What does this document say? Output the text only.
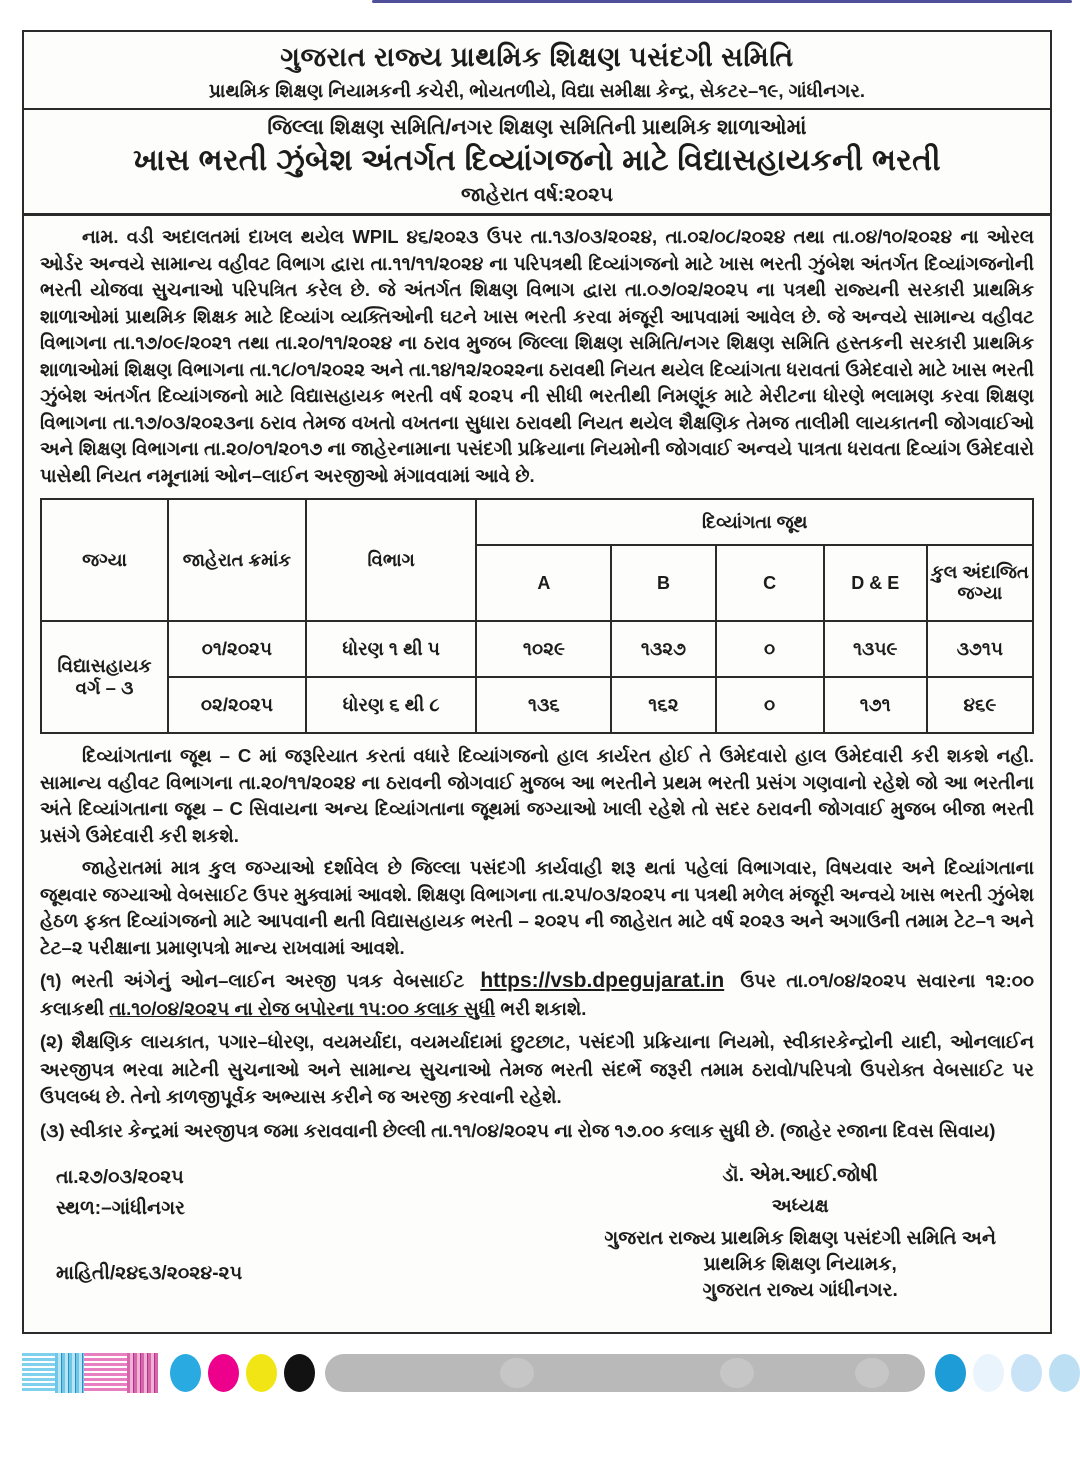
ગુજરાત રાજ્ય પ્રાથમિક શિક્ષણ પસંદગી સમિતિ
પ્રાથમિક શિક્ષણ નિયામકની કચેરી, ભોયતળીયે, વિદ્યા સમીક્ષા કેન્દ્ર, સેકટર–૧૯, ગાંધીનગર.
જિલ્લા શિક્ષણ સમિતિ/નગર શિક્ષણ સમિતિની પ્રાથમિક શાળાઓમાં
ખાસ ભરતી ઝુંબેશ અંતર્ગત દિવ્યાંગજનો માટે વિદ્યાસહાયકની ભરતી
જાહેરાત વર્ષ:૨૦૨૫

નામ. વડી અદાલતમાં દાખલ થયેલ WPIL ૪૬/૨૦૨૩ ઉપર તા.૧૩/૦૩/૨૦૨૪, તા.૦૨/૦૮/૨૦૨૪ તથા તા.૦૪/૧૦/૨૦૨૪ ના ઓરલ ઓર્ડર અન્વયે સામાન્ય વહીવટ વિભાગ દ્વારા તા.૧૧/૧૧/૨૦૨૪ ના પરિપત્રથી દિવ્યાંગજનો માટે ખાસ ભરતી ઝુંબેશ અંતર્ગત દિવ્યાંગજનોની ભરતી યોજવા સુચનાઓ પરિપત્રિત કરેલ છે. જે અંતર્ગત શિક્ષણ વિભાગ દ્વારા તા.૦૭/૦૨/૨૦૨૫ ના પત્રથી રાજ્યની સરકારી પ્રાથમિક શાળાઓમાં પ્રાથમિક શિક્ષક માટે દિવ્યાંગ વ્યક્તિઓની ઘટને ખાસ ભરતી કરવા મંજૂરી આપવામાં આવેલ છે. જે અન્વયે સામાન્ય વહીવટ વિભાગના તા.૧૭/૦૯/૨૦૨૧ તથા તા.૨૦/૧૧/૨૦૨૪ ના ઠરાવ મુજબ જિલ્લા શિક્ષણ સમિતિ/નગર શિક્ષણ સમિતિ હસ્તકની સરકારી પ્રાથમિક શાળાઓમાં શિક્ષણ વિભાગના તા.૧૮/૦૧/૨૦૨૨ અને તા.૧૪/૧૨/૨૦૨૨ના ઠરાવથી નિયત થયેલ દિવ્યાંગતા ધરાવતાં ઉમેદવારો માટે ખાસ ભરતી ઝુંબેશ અંતર્ગત દિવ્યાંગજનો માટે વિદ્યાસહાયક ભરતી વર્ષ ૨૦૨૫ ની સીધી ભરતીથી નિમણૂંક માટે મેરીટના ધોરણે ભલામણ કરવા શિક્ષણ વિભાગના તા.૧૭/૦૩/૨૦૨૩ના ઠરાવ તેમજ વખતો વખતના સુધારા ઠરાવથી નિયત થયેલ શૈક્ષણિક તેમજ તાલીમી લાયકાતની જોગવાઈઓ અને શિક્ષણ વિભાગના તા.૨૦/૦૧/૨૦૧૭ ના જાહેરનામાના પસંદગી પ્રક્રિયાના નિયમોની જોગવાઈ અન્વયે પાત્રતા ધરાવતા દિવ્યાંગ ઉમેદવારો પાસેથી નિયત નમૂનામાં ઓન–લાઈન અરજીઓ મંગાવવામાં આવે છે.

જગ્યા	જાહેરાત ક્રમાંક	વિભાગ	દિવ્યાંગતા જૂથ				
			A	B	C	D & E	કુલ અંદાજિત જગ્યા
વિદ્યાસહાયક વર્ગ – ૩	૦૧/૨૦૨૫	ધોરણ ૧ થી ૫	૧૦૨૯	૧૩૨૭	૦	૧૩૫૯	૩૭૧૫
	૦૨/૨૦૨૫	ધોરણ ૬ થી ૮	૧૩૬	૧૬૨	૦	૧૭૧	૪૬૯

દિવ્યાંગતાના જૂથ – C માં જરૂરિયાત કરતાં વધારે દિવ્યાંગજનો હાલ કાર્યરત હોઈ તે ઉમેદવારો હાલ ઉમેદવારી કરી શકશે નહી. સામાન્ય વહીવટ વિભાગના તા.૨૦/૧૧/૨૦૨૪ ના ઠરાવની જોગવાઈ મુજબ આ ભરતીને પ્રથમ ભરતી પ્રસંગ ગણવાનો રહેશે જો આ ભરતીના અંતે દિવ્યાંગતાના જૂથ – C સિવાયના અન્ય દિવ્યાંગતાના જૂથમાં જગ્યાઓ ખાલી રહેશે તો સદર ઠરાવની જોગવાઈ મુજબ બીજા ભરતી પ્રસંગે ઉમેદવારી કરી શકશે.

જાહેરાતમાં માત્ર કુલ જગ્યાઓ દર્શાવેલ છે જિલ્લા પસંદગી કાર્યવાહી શરૂ થતાં પહેલાં વિભાગવાર, વિષયવાર અને દિવ્યાંગતાના જૂથવાર જગ્યાઓ વેબસાઈટ ઉપર મુક્વામાં આવશે. શિક્ષણ વિભાગના તા.૨૫/૦૩/૨૦૨૫ ના પત્રથી મળેલ મંજૂરી અન્વયે ખાસ ભરતી ઝુંબેશ હેઠળ ફક્ત દિવ્યાંગજનો માટે આપવાની થતી વિદ્યાસહાયક ભરતી – ૨૦૨૫ ની જાહેરાત માટે વર્ષ ૨૦૨૩ અને અગાઉની તમામ ટેટ–૧ અને ટેટ–૨ પરીક્ષાના પ્રમાણપત્રો માન્ય રાખવામાં આવશે.

(૧) ભરતી અંગેનું ઓન–લાઈન અરજી પત્રક વેબસાઈટ https://vsb.dpegujarat.in ઉપર તા.૦૧/૦૪/૨૦૨૫ સવારના ૧૨:૦૦ કલાકથી તા.૧૦/૦૪/૨૦૨૫ ના રોજ બપોરના ૧૫:૦૦ કલાક સુધી ભરી શકાશે.

(૨) શૈક્ષણિક લાયકાત, પગાર–ધોરણ, વયમર્યાદા, વયમર્યાદામાં છુટછાટ, પસંદગી પ્રક્રિયાના નિયમો, સ્વીકારકેન્દ્રોની યાદી, ઓનલાઈન અરજીપત્ર ભરવા માટેની સુચનાઓ અને સામાન્ય સુચનાઓ તેમજ ભરતી સંદર્ભે જરૂરી તમામ ઠરાવો/પરિપત્રો ઉપરોક્ત વેબસાઈટ પર ઉપલબ્ધ છે. તેનો કાળજીપૂર્વક અભ્યાસ કરીને જ અરજી કરવાની રહેશે.

(૩) સ્વીકાર કેન્દ્રમાં અરજીપત્ર જમા કરાવવાની છેલ્લી તા.૧૧/૦૪/૨૦૨૫ ના રોજ ૧૭.૦૦ કલાક સુધી છે. (જાહેર રજાના દિવસ સિવાય)

તા.૨૭/૦૩/૨૦૨૫
સ્થળ:–ગાંધીનગર
માહિતી/૨૪૬૩/૨૦૨૪-૨૫
ડૉ. એમ.આઈ.જોષી
અધ્યક્ષ
ગુજરાત રાજ્ય પ્રાથમિક શિક્ષણ પસંદગી સમિતિ અને
પ્રાથમિક શિક્ષણ નિયામક,
ગુજરાત રાજ્ય ગાંધીનગર.
